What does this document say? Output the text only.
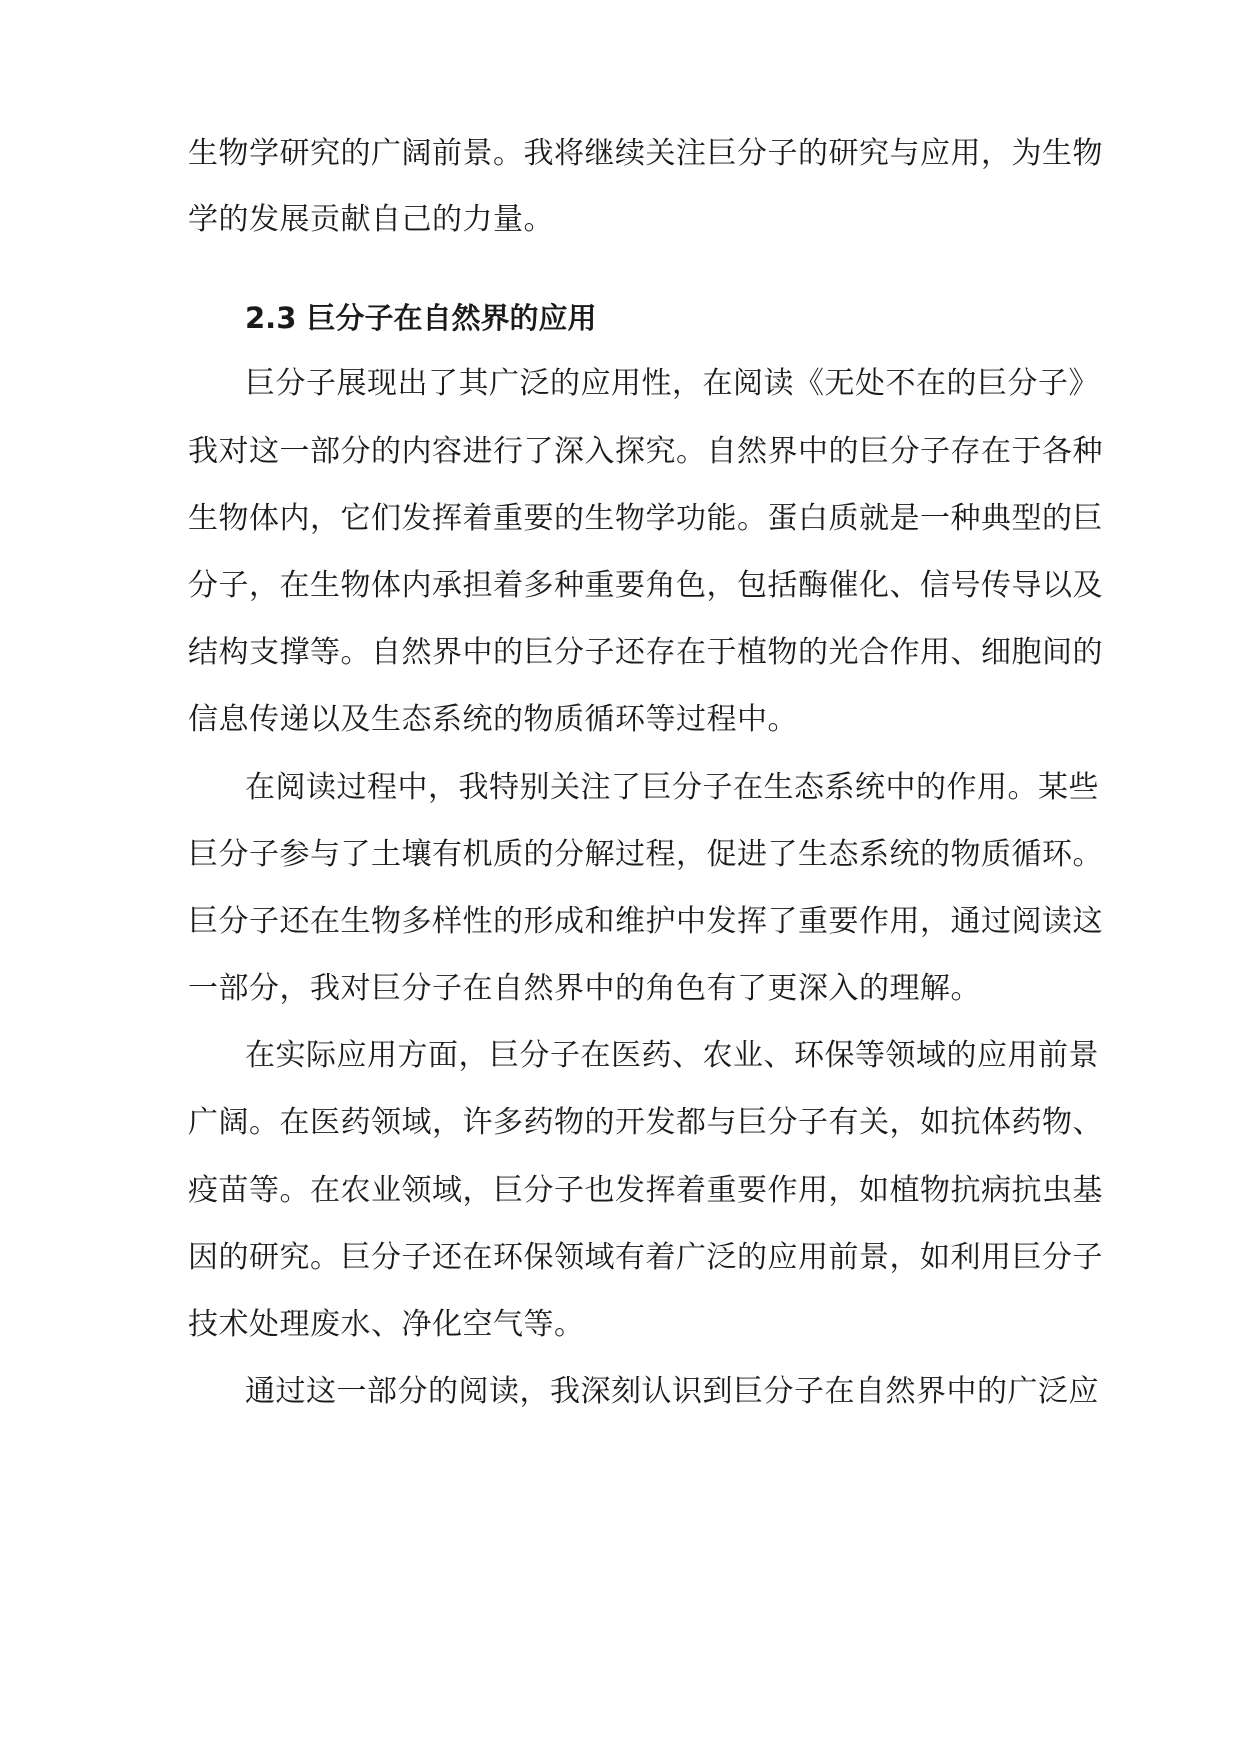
生物学研究的广阔前景。我将继续关注巨分子的研究与应用，为生物
学的发展贡献自己的力量。
2.3 巨分子在自然界的应用
巨分子展现出了其广泛的应用性，在阅读《无处不在的巨分子》
我对这一部分的内容进行了深入探究。自然界中的巨分子存在于各种
生物体内，它们发挥着重要的生物学功能。蛋白质就是一种典型的巨
分子，在生物体内承担着多种重要角色，包括酶催化、信号传导以及
结构支撑等。自然界中的巨分子还存在于植物的光合作用、细胞间的
信息传递以及生态系统的物质循环等过程中。
在阅读过程中，我特别关注了巨分子在生态系统中的作用。某些
巨分子参与了土壤有机质的分解过程，促进了生态系统的物质循环。
巨分子还在生物多样性的形成和维护中发挥了重要作用，通过阅读这
一部分，我对巨分子在自然界中的角色有了更深入的理解。
在实际应用方面，巨分子在医药、农业、环保等领域的应用前景
广阔。在医药领域，许多药物的开发都与巨分子有关，如抗体药物、
疫苗等。在农业领域，巨分子也发挥着重要作用，如植物抗病抗虫基
因的研究。巨分子还在环保领域有着广泛的应用前景，如利用巨分子
技术处理废水、净化空气等。
通过这一部分的阅读，我深刻认识到巨分子在自然界中的广泛应
